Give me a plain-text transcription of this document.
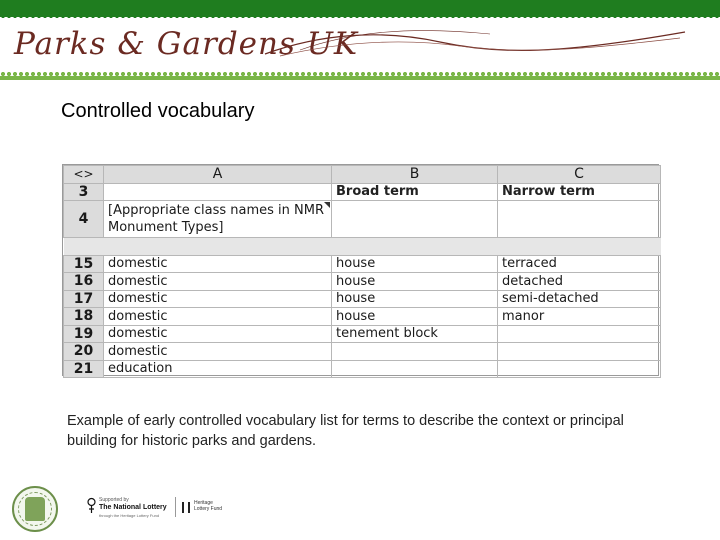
Parks & Gardens UK
Controlled vocabulary
<>	A	B	C
3		Broad term	Narrow term
4	[Appropriate class names in NMR Monument Types]

15	domestic	house	terraced
16	domestic	house	detached
17	domestic	house	semi-detached
18	domestic	house	manor
19	domestic	tenement block	
20	domestic		
21	education		
Example of early controlled vocabulary list for terms to describe the context or principal building for historic parks and gardens.
Supported by
The National Lottery
through the Heritage Lottery Fund
Heritage Lottery Fund
